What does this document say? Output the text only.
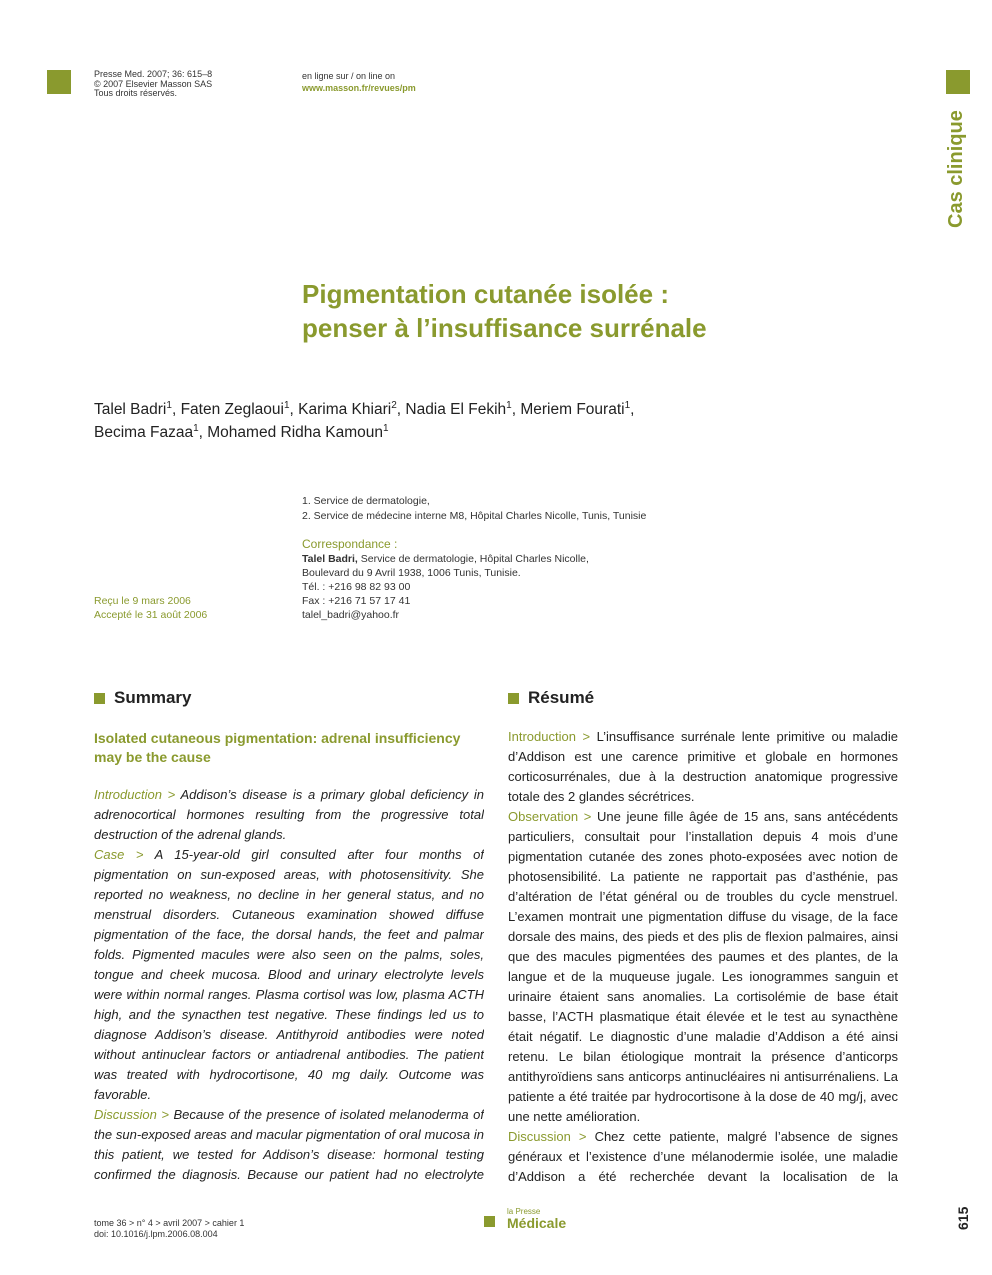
Presse Med. 2007; 36: 615–8
© 2007 Elsevier Masson SAS
Tous droits réservés.
en ligne sur / on line on
www.masson.fr/revues/pm
Cas clinique
Pigmentation cutanée isolée :
penser à l’insuffisance surrénale
Talel Badri$^1$, Faten Zeglaoui$^1$, Karima Khiari$^2$, Nadia El Fekih$^1$, Meriem Fourati$^1$,
Becima Fazaa$^1$, Mohamed Ridha Kamoun$^1$
1. Service de dermatologie,
2. Service de médecine interne M8, Hôpital Charles Nicolle, Tunis, Tunisie
Correspondance :
Talel Badri, Service de dermatologie, Hôpital Charles Nicolle,
Boulevard du 9 Avril 1938, 1006 Tunis, Tunisie.
Tél. : +216 98 82 93 00
Fax : +216 71 57 17 41
talel_badri@yahoo.fr
Reçu le 9 mars 2006
Accepté le 31 août 2006
Summary	Résumé
Isolated cutaneous pigmentation: adrenal insufficiency may be the cause

Introduction > Addison’s disease is a primary global deficiency in adrenocortical hormones resulting from the progressive total destruction of the adrenal glands.

Case > A 15-year-old girl consulted after four months of pigmentation on sun-exposed areas, with photosensitivity. She reported no weakness, no decline in her general status, and no menstrual disorders. Cutaneous examination showed diffuse pigmentation of the face, the dorsal hands, the feet and palmar folds. Pigmented macules were also seen on the palms, soles, tongue and cheek mucosa. Blood and urinary electrolyte levels were within normal ranges. Plasma cortisol was low, plasma ACTH high, and the synacthen test negative. These findings led us to diagnose Addison’s disease. Antithyroid antibodies were noted without antinuclear factors or antiadrenal antibodies. The patient was treated with hydrocortisone, 40 mg daily. Outcome was favorable.

Discussion > Because of the presence of isolated melanoderma of the sun-exposed areas and macular pigmentation of oral mucosa in this patient, we tested for Addison’s disease: hormonal testing confirmed the diagnosis. Because our patient had no electrolyte

Introduction > L’insuffisance surrénale lente primitive ou maladie d’Addison est une carence primitive et globale en hormones corticosurrénales, due à la destruction anatomique progressive totale des 2 glandes sécrétrices.

Observation > Une jeune fille âgée de 15 ans, sans antécédents particuliers, consultait pour l’installation depuis 4 mois d’une pigmentation cutanée des zones photo-exposées avec notion de photosensibilité. La patiente ne rapportait pas d’asthénie, pas d’altération de l’état général ou de troubles du cycle menstruel. L’examen montrait une pigmentation diffuse du visage, de la face dorsale des mains, des pieds et des plis de flexion palmaires, ainsi que des macules pigmentées des paumes et des plantes, de la langue et de la muqueuse jugale. Les ionogrammes sanguin et urinaire étaient sans anomalies. La cortisolémie de base était basse, l’ACTH plasmatique était élevée et le test au synacthène était négatif. Le diagnostic d’une maladie d’Addison a été ainsi retenu. Le bilan étiologique montrait la présence d’anticorps antithyroïdiens sans anticorps antinucléaires ni antisurrénaliens. La patiente a été traitée par hydrocortisone à la dose de 40 mg/j, avec une nette amélioration.

Discussion > Chez cette patiente, malgré l’absence de signes généraux et l’existence d’une mélanodermie isolée, une maladie d’Addison a été recherchée devant la localisation de la

tome 36 > n° 4 > avril 2007 > cahier 1
doi: 10.1016/j.lpm.2006.08.004
la Presse
Médicale	615
